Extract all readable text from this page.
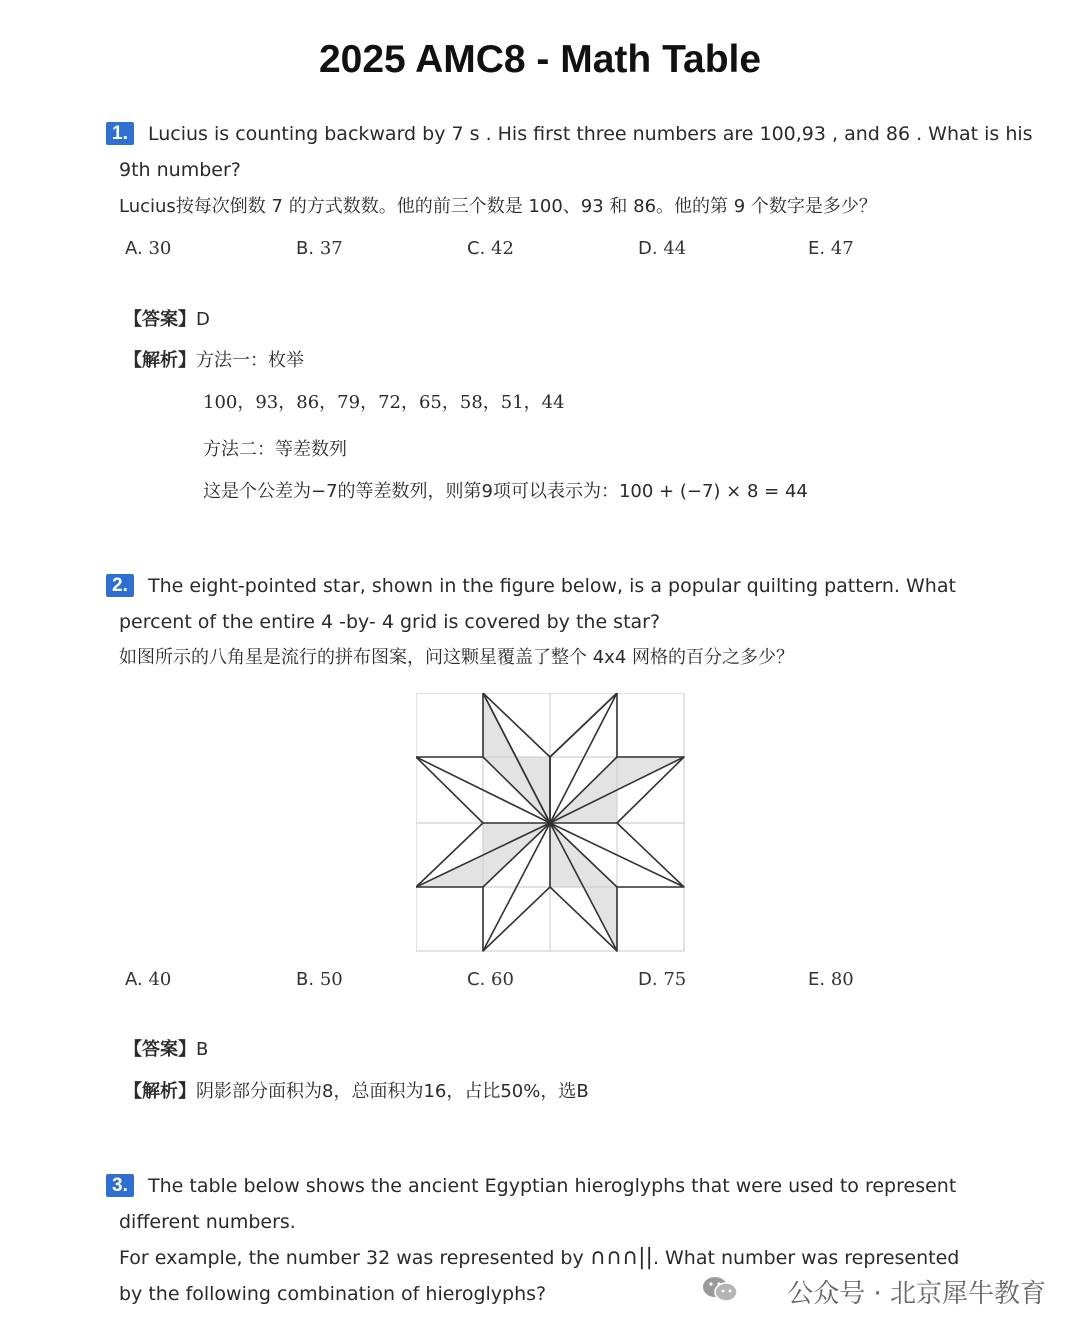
2025 AMC8 - Math Table
1.	Lucius is counting backward by 7 s . His first three numbers are 100,93 , and 86 . What is his
9th number?
Lucius按每次倒数 7 的方式数数。他的前三个数是 100、93 和 86。他的第 9 个数字是多少？
A. 30	B. 37	C. 42	D. 44	E. 47
【答案】D
【解析】方法一：枚举
100，93，86，79，72，65，58，51，44
方法二：等差数列
这是个公差为−7的等差数列，则第9项可以表示为：100 + (−7) × 8 = 44
2.	The eight-pointed star, shown in the figure below, is a popular quilting pattern. What
percent of the entire 4 -by- 4 grid is covered by the star?
如图所示的八角星是流行的拼布图案，问这颗星覆盖了整个 4x4 网格的百分之多少？
A. 40	B. 50	C. 60	D. 75	E. 80
【答案】B
【解析】阴影部分面积为8，总面积为16，占比50%，选B
3.	The table below shows the ancient Egyptian hieroglyphs that were used to represent
different numbers.
For example, the number 32 was represented by ∩∩∩||. What number was represented
by the following combination of hieroglyphs?	公众号 · 北京犀牛教育
